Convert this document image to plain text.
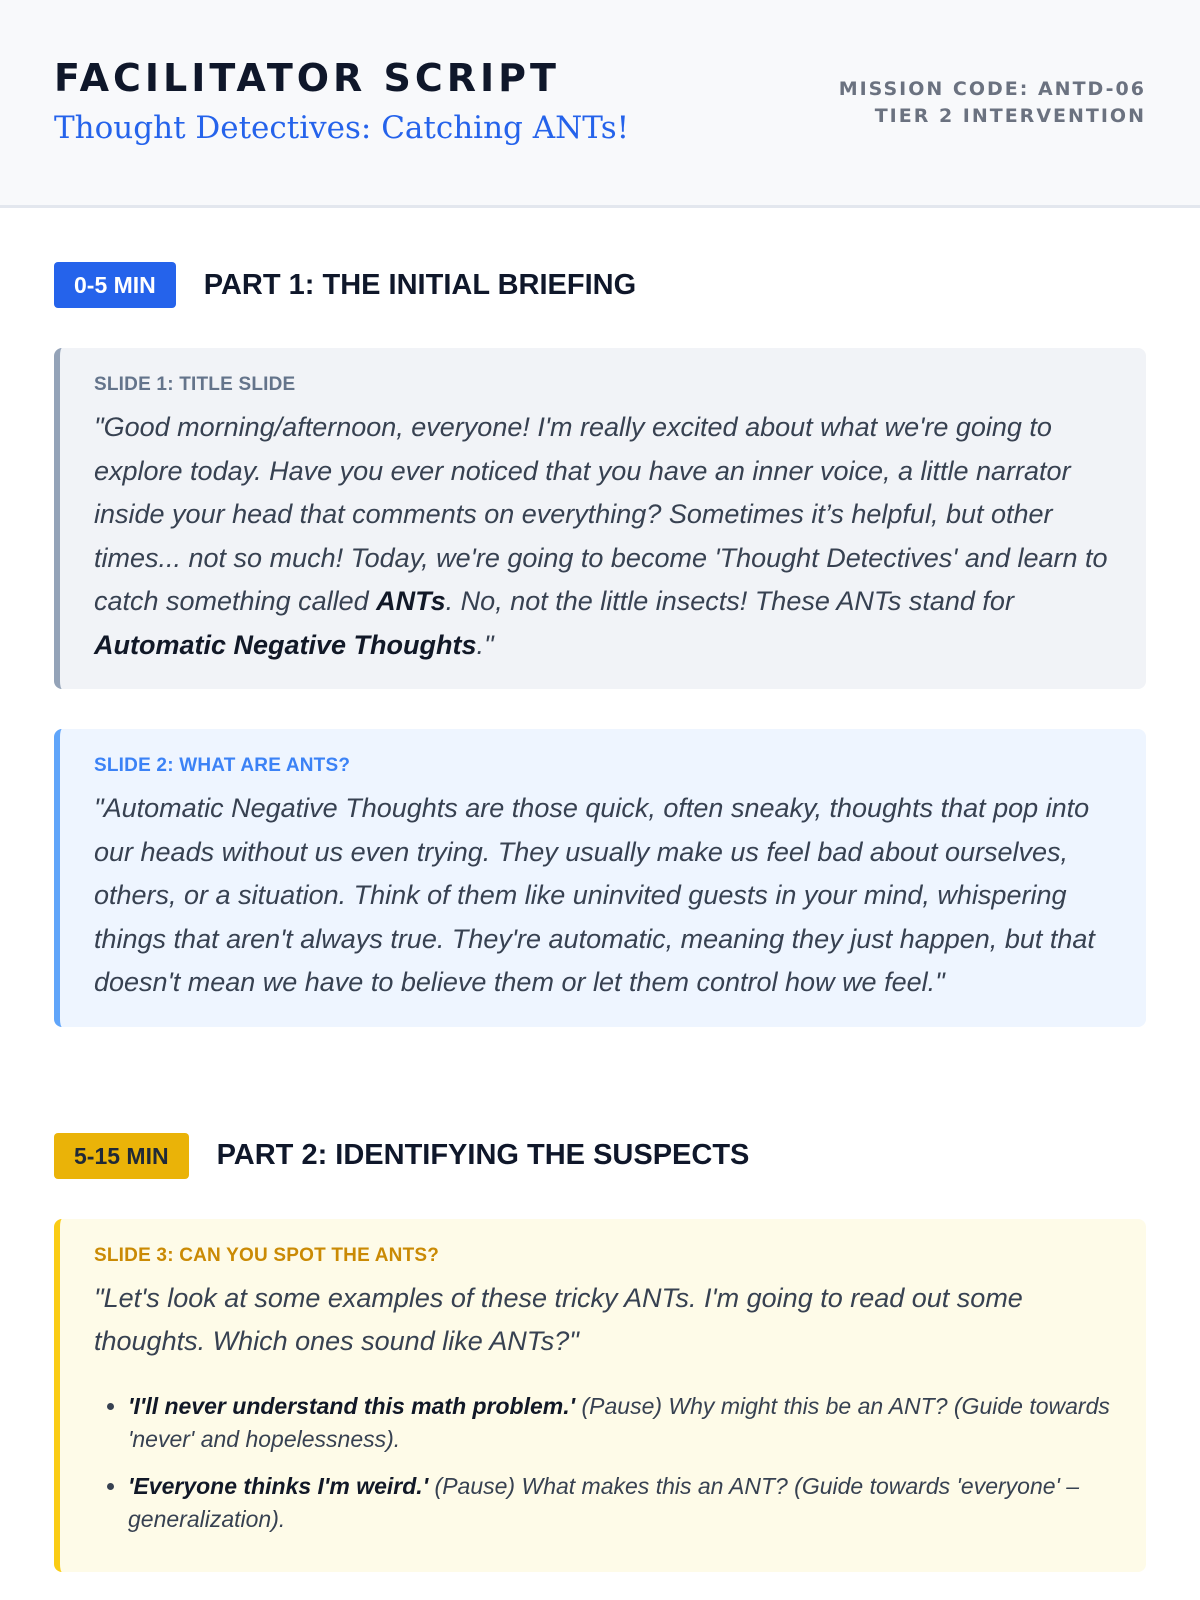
FACILITATOR SCRIPT
Thought Detectives: Catching ANTs!
MISSION CODE: ANTD-06
TIER 2 INTERVENTION
0-5 MIN	PART 1: THE INITIAL BRIEFING
SLIDE 1: TITLE SLIDE

"Good morning/afternoon, everyone! I'm really excited about what we're going to explore today. Have you ever noticed that you have an inner voice, a little narrator inside your head that comments on everything? Sometimes it’s helpful, but other times... not so much! Today, we're going to become 'Thought Detectives' and learn to catch something called ANTs. No, not the little insects! These ANTs stand for Automatic Negative Thoughts."

SLIDE 2: WHAT ARE ANTS?

"Automatic Negative Thoughts are those quick, often sneaky, thoughts that pop into our heads without us even trying. They usually make us feel bad about ourselves, others, or a situation. Think of them like uninvited guests in your mind, whispering things that aren't always true. They're automatic, meaning they just happen, but that doesn't mean we have to believe them or let them control how we feel."

5-15 MIN	PART 2: IDENTIFYING THE SUSPECTS
SLIDE 3: CAN YOU SPOT THE ANTS?

"Let's look at some examples of these tricky ANTs. I'm going to read out some thoughts. Which ones sound like ANTs?"

• 'I'll never understand this math problem.' (Pause) Why might this be an ANT? (Guide towards 'never' and hopelessness).
• 'Everyone thinks I'm weird.' (Pause) What makes this an ANT? (Guide towards 'everyone' – generalization).
